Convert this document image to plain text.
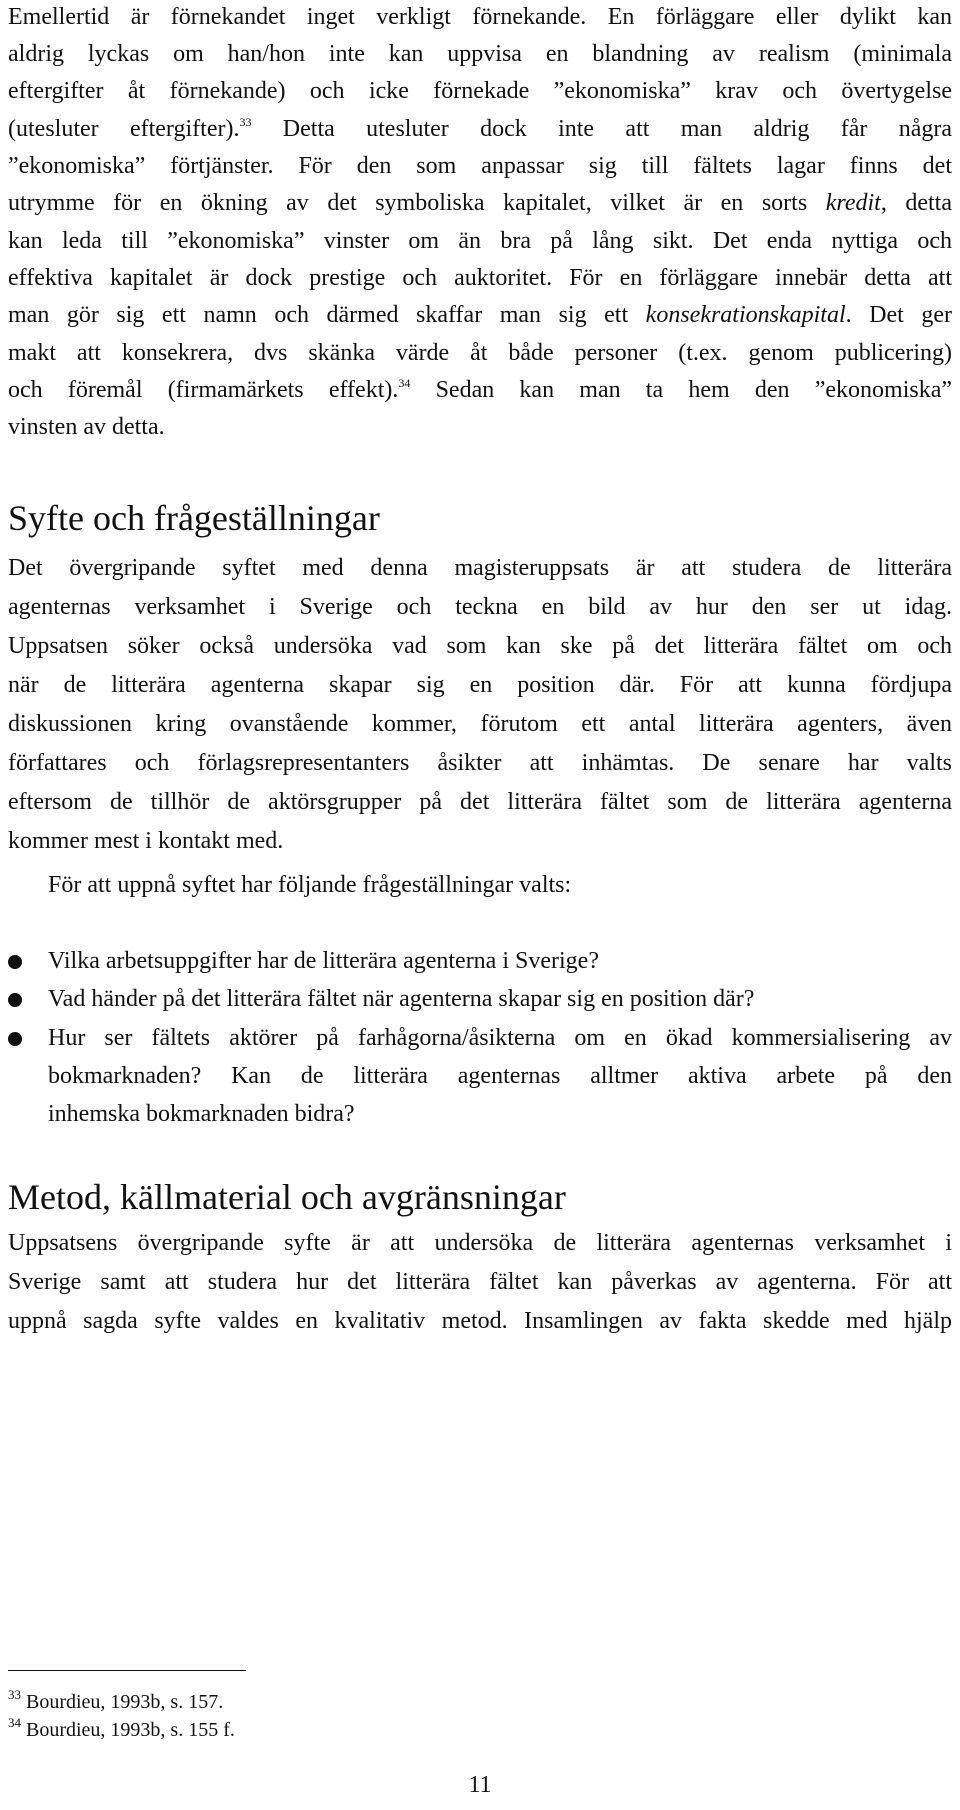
Emellertid är förnekandet inget verkligt förnekande. En förläggare eller dylikt kan
aldrig lyckas om han/hon inte kan uppvisa en blandning av realism (minimala
eftergifter åt förnekande) och icke förnekade ”ekonomiska” krav och övertygelse
(utesluter eftergifter).$^{33}$ Detta utesluter dock inte att man aldrig får några
”ekonomiska” förtjänster. För den som anpassar sig till fältets lagar finns det
utrymme för en ökning av det symboliska kapitalet, vilket är en sorts kredit, detta
kan leda till ”ekonomiska” vinster om än bra på lång sikt. Det enda nyttiga och
effektiva kapitalet är dock prestige och auktoritet. För en förläggare innebär detta att
man gör sig ett namn och därmed skaffar man sig ett konsekrationskapital. Det ger
makt att konsekrera, dvs skänka värde åt både personer (t.ex. genom publicering)
och föremål (firmamärkets effekt).$^{34}$ Sedan kan man ta hem den ”ekonomiska”
vinsten av detta.
Syfte och frågeställningar
Det övergripande syftet med denna magisteruppsats är att studera de litterära
agenternas verksamhet i Sverige och teckna en bild av hur den ser ut idag.
Uppsatsen söker också undersöka vad som kan ske på det litterära fältet om och
när de litterära agenterna skapar sig en position där. För att kunna fördjupa
diskussionen kring ovanstående kommer, förutom ett antal litterära agenters, även
författares och förlagsrepresentanters åsikter att inhämtas. De senare har valts
eftersom de tillhör de aktörsgrupper på det litterära fältet som de litterära agenterna
kommer mest i kontakt med.
För att uppnå syftet har följande frågeställningar valts:
Vilka arbetsuppgifter har de litterära agenterna i Sverige?
Vad händer på det litterära fältet när agenterna skapar sig en position där?
Hur ser fältets aktörer på farhågorna/åsikterna om en ökad kommersialisering av
bokmarknaden? Kan de litterära agenternas alltmer aktiva arbete på den
inhemska bokmarknaden bidra?
Metod, källmaterial och avgränsningar
Uppsatsens övergripande syfte är att undersöka de litterära agenternas verksamhet i
Sverige samt att studera hur det litterära fältet kan påverkas av agenterna. För att
uppnå sagda syfte valdes en kvalitativ metod. Insamlingen av fakta skedde med hjälp
$^{33}$ Bourdieu, 1993b, s. 157.
$^{34}$ Bourdieu, 1993b, s. 155 f.
11
